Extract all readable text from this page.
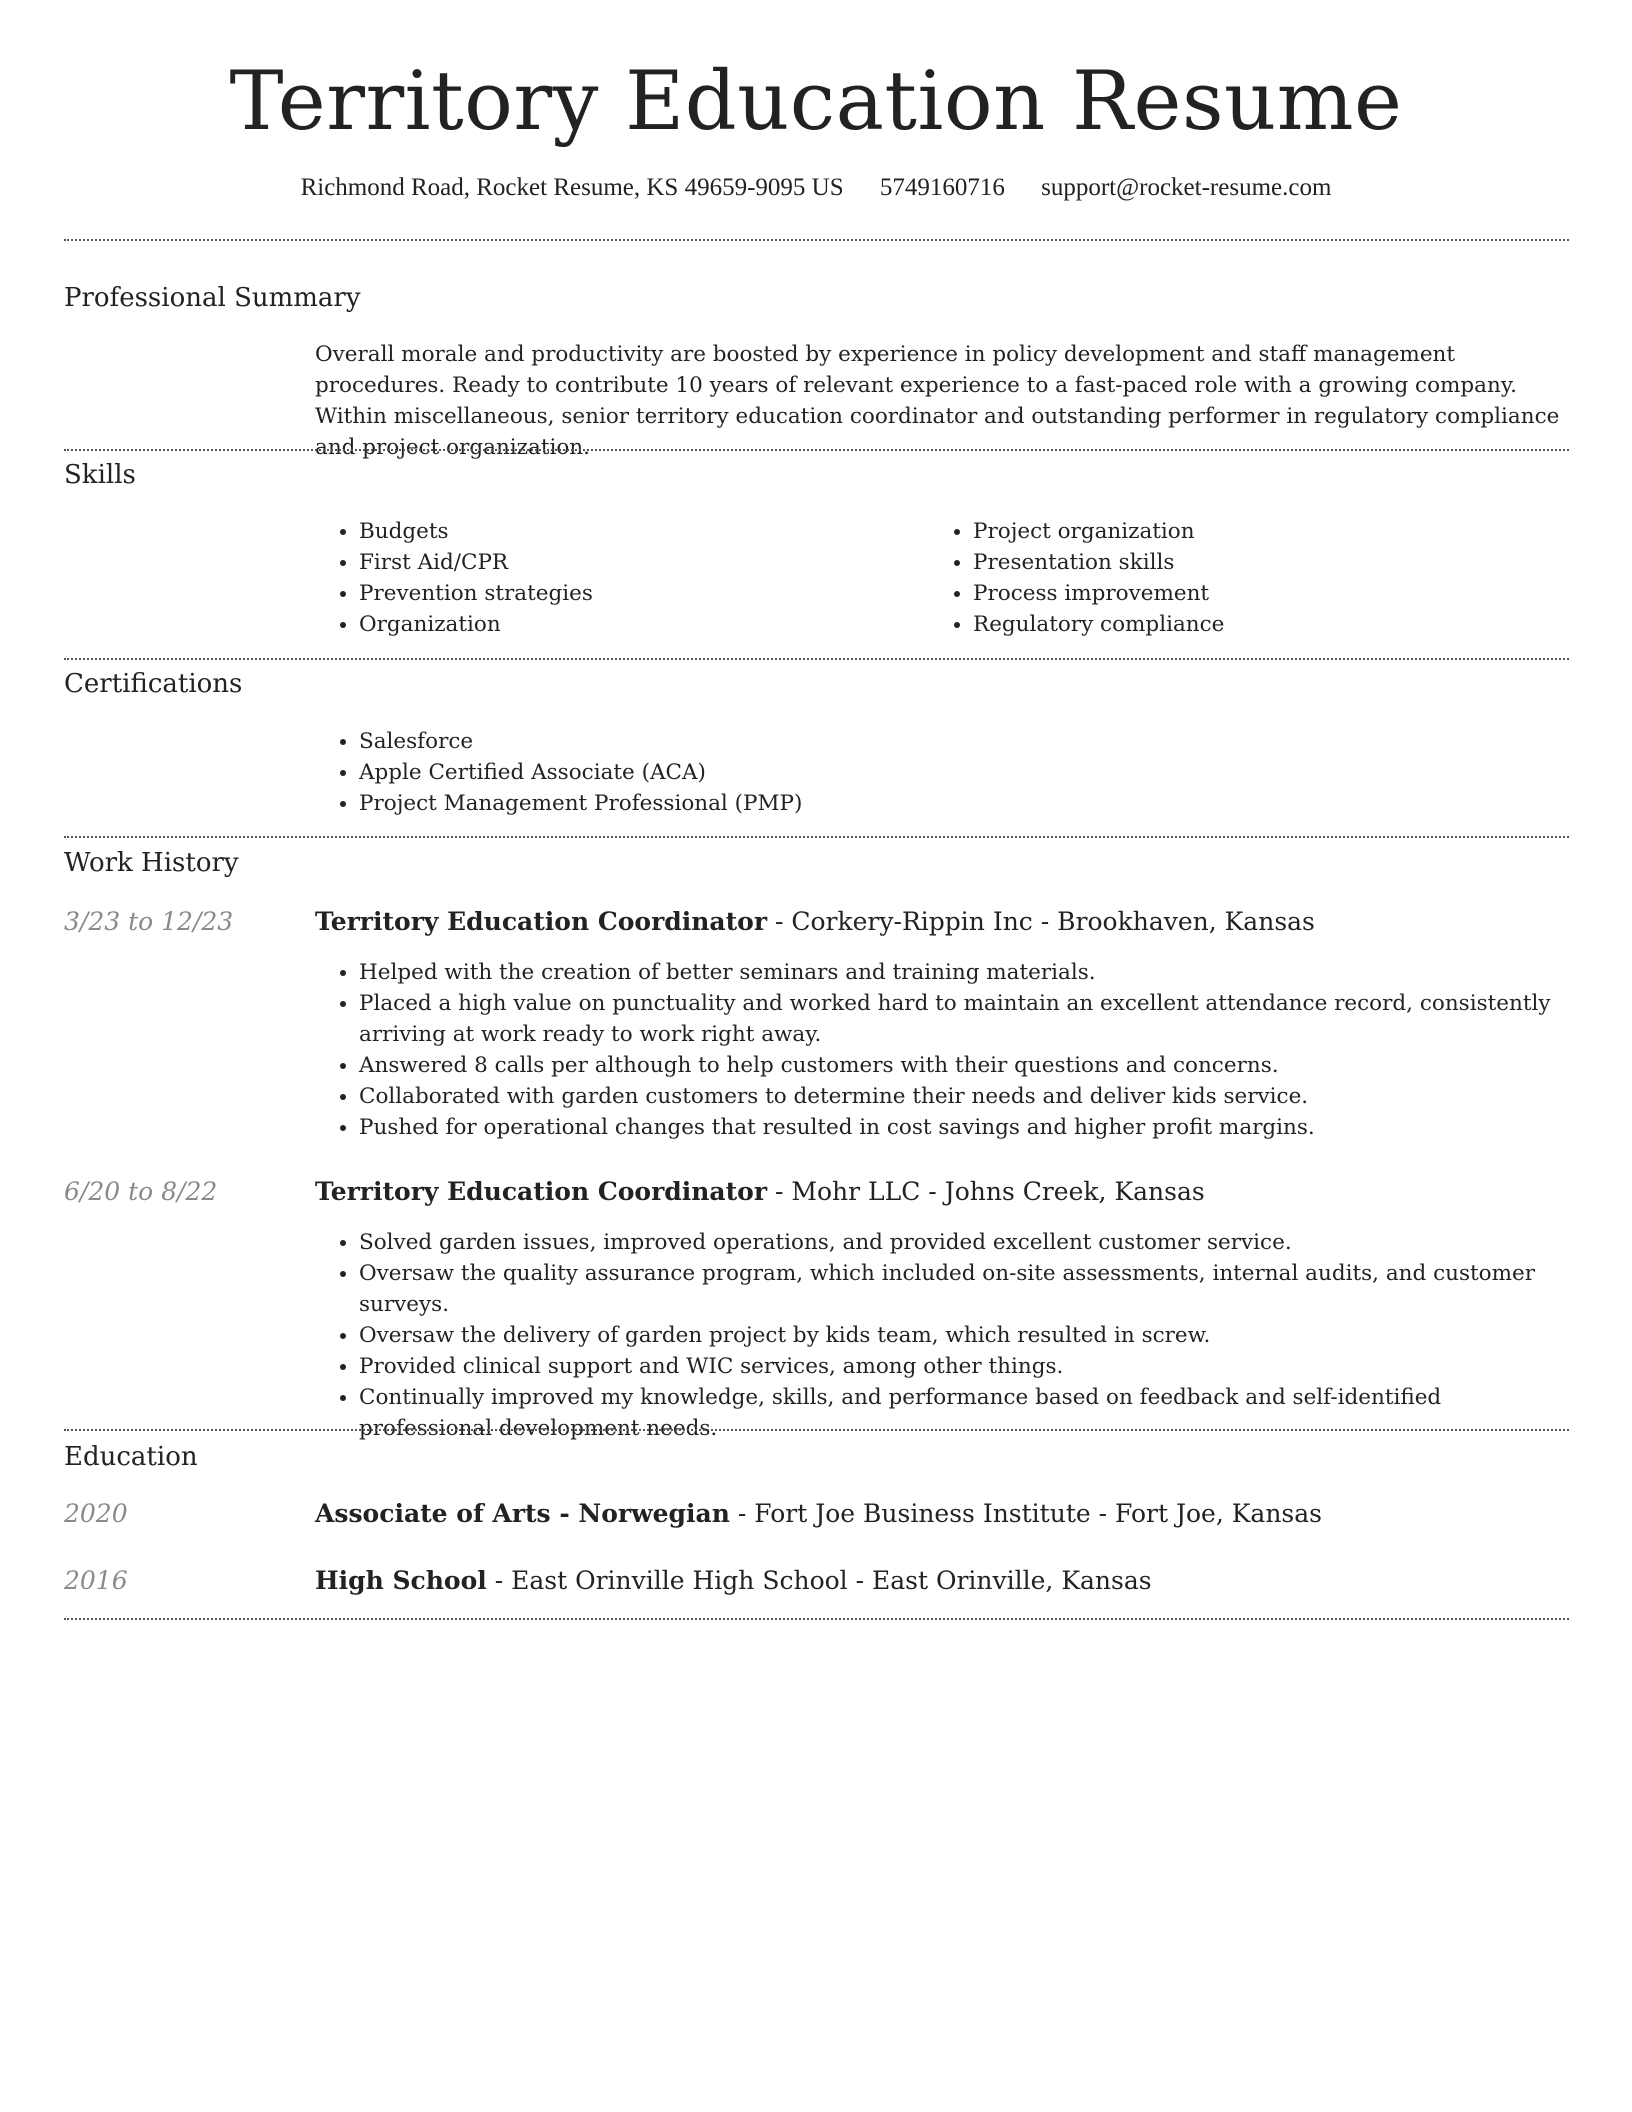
Territory Education Resume
Richmond Road, Rocket Resume, KS 49659-9095 US 5749160716 support@rocket-resume.com
Professional Summary
Overall morale and productivity are boosted by experience in policy development and staff management procedures. Ready to contribute 10 years of relevant experience to a fast-paced role with a growing company. Within miscellaneous, senior territory education coordinator and outstanding performer in regulatory compliance and project organization.
Skills
• Budgets
• First Aid/CPR
• Prevention strategies
• Organization
• Project organization
• Presentation skills
• Process improvement
• Regulatory compliance
Certifications
• Salesforce
• Apple Certified Associate (ACA)
• Project Management Professional (PMP)
Work History
3/23 to 12/23	Territory Education Coordinator - Corkery-Rippin Inc - Brookhaven, Kansas
• Helped with the creation of better seminars and training materials.
• Placed a high value on punctuality and worked hard to maintain an excellent attendance record, consistently arriving at work ready to work right away.
• Answered 8 calls per although to help customers with their questions and concerns.
• Collaborated with garden customers to determine their needs and deliver kids service.
• Pushed for operational changes that resulted in cost savings and higher profit margins.
6/20 to 8/22	Territory Education Coordinator - Mohr LLC - Johns Creek, Kansas
• Solved garden issues, improved operations, and provided excellent customer service.
• Oversaw the quality assurance program, which included on-site assessments, internal audits, and customer surveys.
• Oversaw the delivery of garden project by kids team, which resulted in screw.
• Provided clinical support and WIC services, among other things.
• Continually improved my knowledge, skills, and performance based on feedback and self-identified professional development needs.
Education
2020	Associate of Arts - Norwegian - Fort Joe Business Institute - Fort Joe, Kansas
2016	High School - East Orinville High School - East Orinville, Kansas
